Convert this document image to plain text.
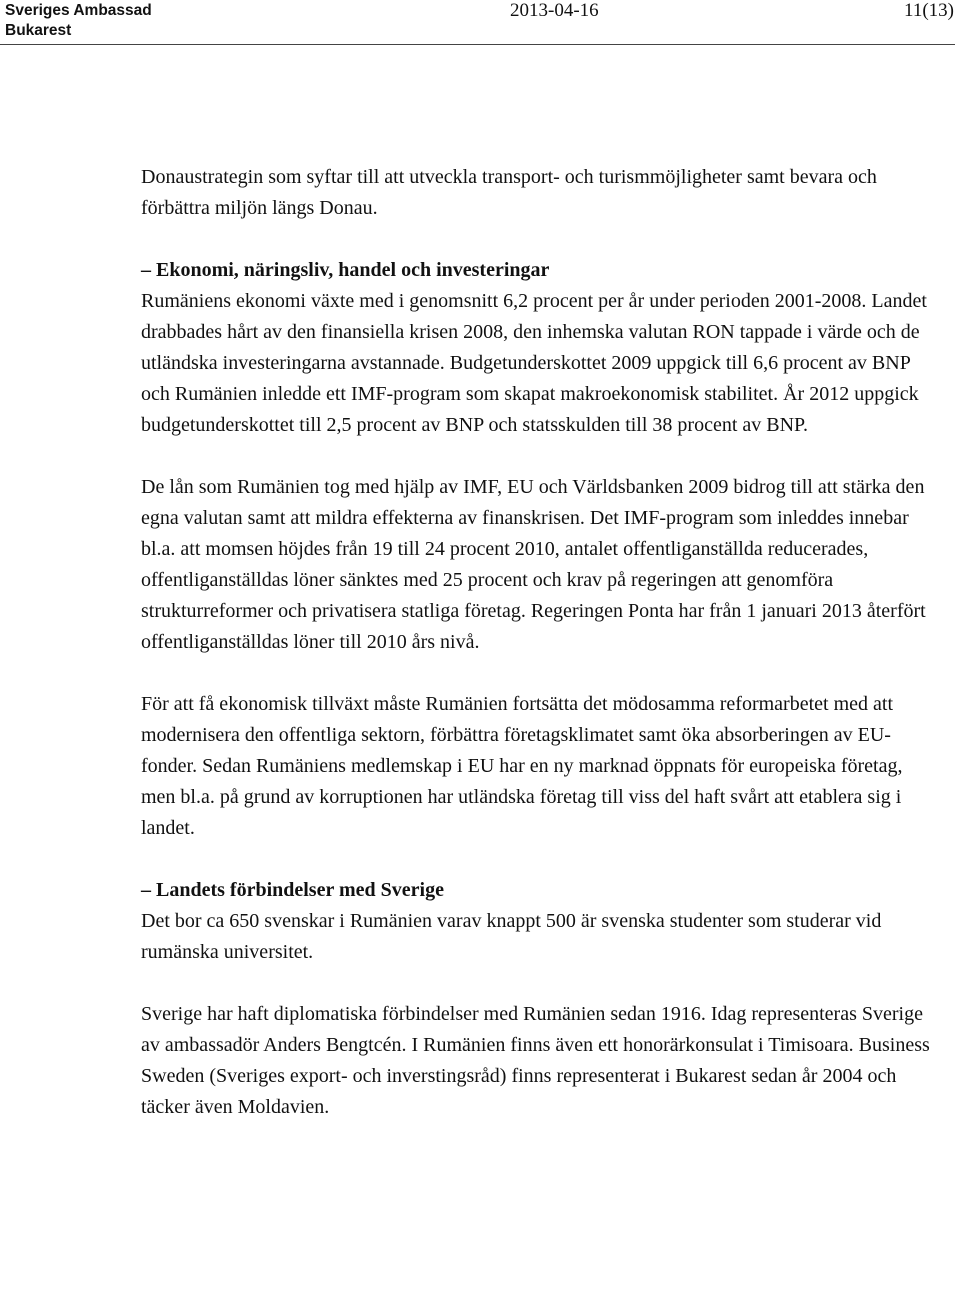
Sveriges Ambassad
Bukarest
2013-04-16	11(13)

Donaustrategin som syftar till att utveckla transport- och turismmöjligheter samt bevara och förbättra miljön längs Donau.

– Ekonomi, näringsliv, handel och investeringar
Rumäniens ekonomi växte med i genomsnitt 6,2 procent per år under perioden 2001-2008. Landet drabbades hårt av den finansiella krisen 2008, den inhemska valutan RON tappade i värde och de utländska investeringarna avstannade. Budgetunderskottet 2009 uppgick till 6,6 procent av BNP och Rumänien inledde ett IMF-program som skapat makroekonomisk stabilitet. År 2012 uppgick budgetunderskottet till 2,5 procent av BNP och statsskulden till 38 procent av BNP.

De lån som Rumänien tog med hjälp av IMF, EU och Världsbanken 2009 bidrog till att stärka den egna valutan samt att mildra effekterna av finanskrisen. Det IMF-program som inleddes innebar bl.a. att momsen höjdes från 19 till 24 procent 2010, antalet offentliganställda reducerades, offentliganställdas löner sänktes med 25 procent och krav på regeringen att genomföra strukturreformer och privatisera statliga företag. Regeringen Ponta har från 1 januari 2013 återfört offentliganställdas löner till 2010 års nivå.

För att få ekonomisk tillväxt måste Rumänien fortsätta det mödosamma reformarbetet med att modernisera den offentliga sektorn, förbättra företagsklimatet samt öka absorberingen av EU-fonder. Sedan Rumäniens medlemskap i EU har en ny marknad öppnats för europeiska företag, men bl.a. på grund av korruptionen har utländska företag till viss del haft svårt att etablera sig i landet.

– Landets förbindelser med Sverige
Det bor ca 650 svenskar i Rumänien varav knappt 500 är svenska studenter som studerar vid rumänska universitet.

Sverige har haft diplomatiska förbindelser med Rumänien sedan 1916. Idag representeras Sverige av ambassadör Anders Bengtcén. I Rumänien finns även ett honorärkonsulat i Timisoara. Business Sweden (Sveriges export- och inverstingsråd) finns representerat i Bukarest sedan år 2004 och täcker även Moldavien.
